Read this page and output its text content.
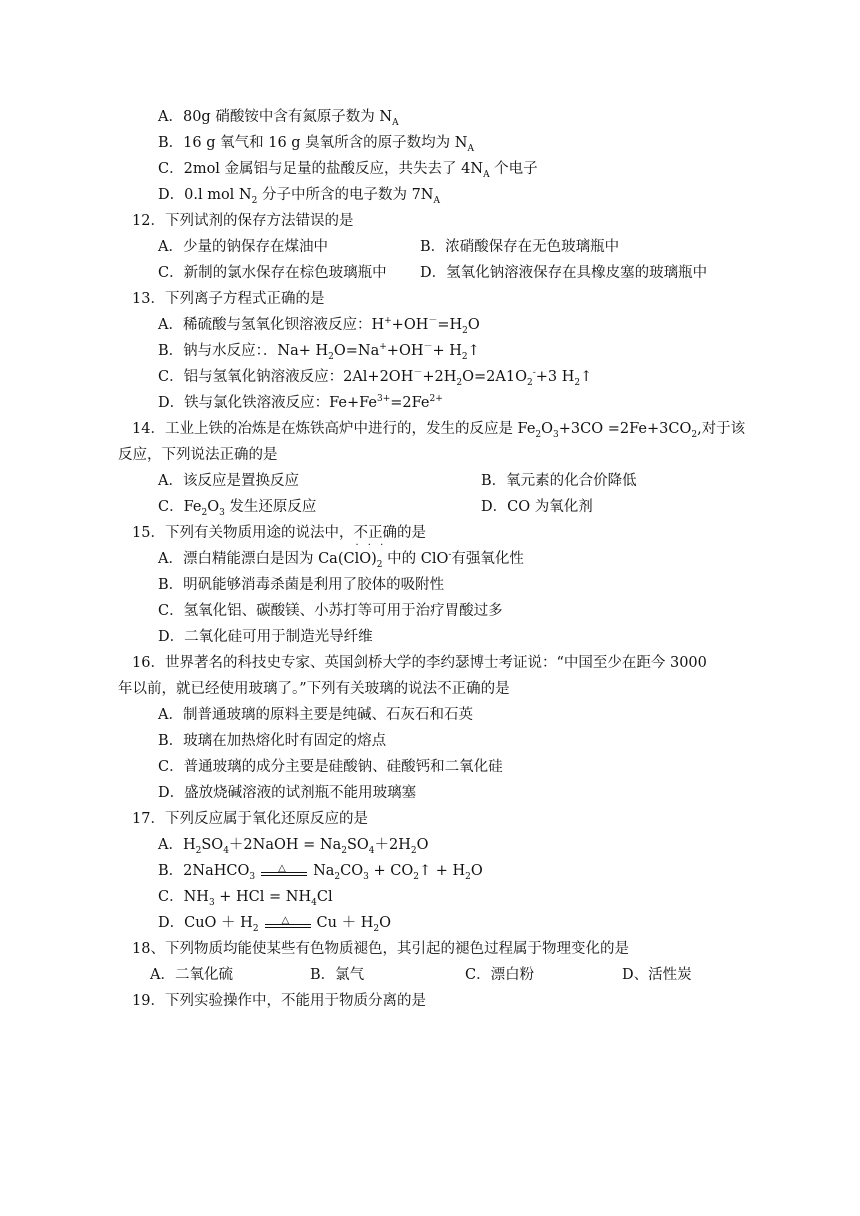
A．80g 硝酸铵中含有氮原子数为 $N_A$
B．16 g 氧气和 16 g 臭氧所含的原子数均为 $N_A$
C．2mol 金属铝与足量的盐酸反应，共失去了 $4N_A$ 个电子
D．0.l mol $N_2$ 分子中所含的电子数为 $7N_A$
12．下列试剂的保存方法错误的是
A．少量的钠保存在煤油中	B．浓硝酸保存在无色玻璃瓶中
C．新制的氯水保存在棕色玻璃瓶中 D．氢氧化钠溶液保存在具橡皮塞的玻璃瓶中
13．下列离子方程式正确的是
A．稀硫酸与氢氧化钡溶液反应：$H^++OH^-=H_2O$
B．钠与水反应：．$Na+ H_2O=Na^++OH^-+$ $H_2↑$
C．铝与氢氧化钠溶液反应：$2Al+2OH^-+2H_2O=2A1O_2^-+3$ $H_2↑$
D．铁与氯化铁溶液反应：$Fe+Fe^{3+}=2Fe^{2+}$
14．工业上铁的冶炼是在炼铁高炉中进行的，发生的反应是 $Fe_2O_3+3CO =2Fe+3CO_2$,对于该
反应，下列说法正确的是
A．该反应是置换反应	B．氧元素的化合价降低
C．$Fe_2O_3$ 发生还原反应	D．CO 为氧化剂
15．下列有关物质用途的说法中，不正确 · · ·的是
A．漂白精能漂白是因为 $Ca(ClO)_2$ 中的 ClO-有强氧化性
B．明矾能够消毒杀菌是利用了胶体的吸附性
C．氢氧化铝、碳酸镁、小苏打等可用于治疗胃酸过多
D．二氧化硅可用于制造光导纤维
16．世界著名的科技史专家、英国剑桥大学的李约瑟博士考证说：“中国至少在距今 3000
年以前，就已经使用玻璃了。”下列有关玻璃的说法不正确的是
A．制普通玻璃的原料主要是纯碱、石灰石和石英
B．玻璃在加热熔化时有固定的熔点
C．普通玻璃的成分主要是硅酸钠、硅酸钙和二氧化硅
D．盛放烧碱溶液的试剂瓶不能用玻璃塞
17．下列反应属于氧化还原反应的是
A．$H_2SO_4+2NaOH = Na_2SO_4+2H_2O$
B．2NaHCO$_3$
△ $Na_2CO_3$ + $CO_2↑ + H_2O$
C．$NH_3$ + HCl = $NH_4Cl$
D．CuO ＋ $H_2$
△ $Cu + H_2O$
18、下列物质均能使某些有色物质褪色，其引起的褪色过程属于物理变化的是
A．二氧化硫	B．氯气	C．漂白粉	D、活性炭
19．下列实验操作中，不能用于物质分离的是
